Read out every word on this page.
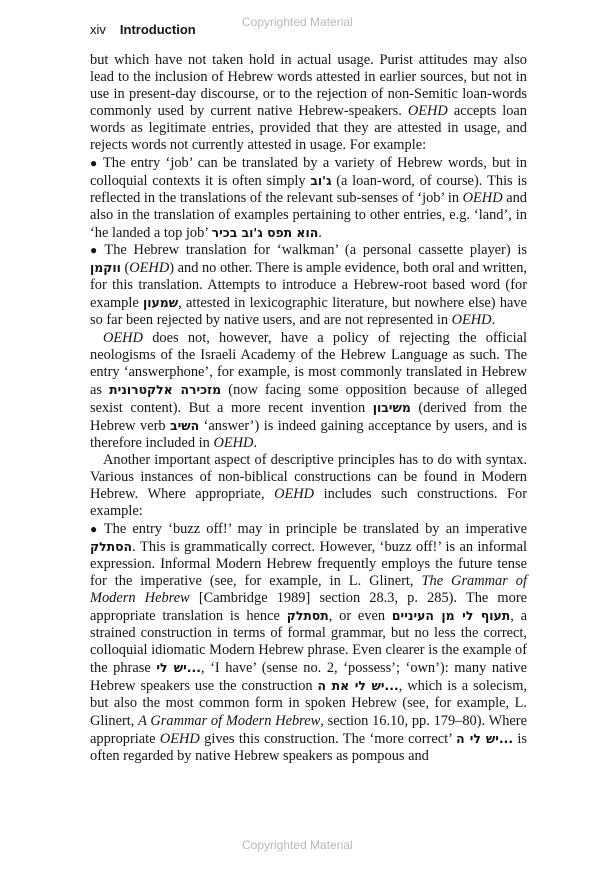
xiv Introduction	Copyrighted Material

but which have not taken hold in actual usage. Purist attitudes may also lead to the inclusion of Hebrew words attested in earlier sources, but not in use in present-day discourse, or to the rejection of non-Semitic loan-words commonly used by current native Hebrew-speakers. OEHD accepts loan words as legitimate entries, provided that they are attested in usage, and rejects words not currently attested in usage. For example:

● The entry ‘job’ can be translated by a variety of Hebrew words, but in colloquial contexts it is often simply ג'וב (a loan-word, of course). This is reflected in the translations of the relevant sub-senses of ‘job’ in OEHD and also in the translation of examples pertaining to other entries, e.g. ‘land’, in ‘he landed a top job’ הוא תפס ג'וב בכיר.

● The Hebrew translation for ‘walkman’ (a personal cassette player) is ווקמן (OEHD) and no other. There is ample evidence, both oral and written, for this translation. Attempts to introduce a Hebrew-root based word (for example שמעון, attested in lexicographic literature, but nowhere else) have so far been rejected by native users, and are not represented in OEHD.

OEHD does not, however, have a policy of rejecting the official neologisms of the Israeli Academy of the Hebrew Language as such. The entry ‘answerphone’, for example, is most commonly translated in Hebrew as מזכירה אלקטרונית (now facing some opposition because of alleged sexist content). But a more recent invention משיבון (derived from the Hebrew verb השיב ‘answer’) is indeed gaining acceptance by users, and is therefore included in OEHD.

Another important aspect of descriptive principles has to do with syntax. Various instances of non-biblical constructions can be found in Modern Hebrew. Where appropriate, OEHD includes such constructions. For example:

● The entry ‘buzz off!’ may in principle be translated by an imperative הסתלק. This is grammatically correct. However, ‘buzz off!’ is an informal expression. Informal Modern Hebrew frequently employs the future tense for the imperative (see, for example, in L. Glinert, The Grammar of Modern Hebrew [Cambridge 1989] section 28.3, p. 285). The more appropriate translation is hence תסתלק, or even תעוף לי מן העיניים, a strained construction in terms of formal grammar, but no less the correct, colloquial idiomatic Modern Hebrew phrase. Even clearer is the example of the phrase ...יש לי, ‘I have’ (sense no. 2, ‘possess’; ‘own’): many native Hebrew speakers use the construction ...יש לי את ה, which is a solecism, but also the most common form in spoken Hebrew (see, for example, L. Glinert, A Grammar of Modern Hebrew, section 16.10, pp. 179–80). Where appropriate OEHD gives this construction. The ‘more correct’ ...יש לי ה is often regarded by native Hebrew speakers as pompous and

Copyrighted Material
